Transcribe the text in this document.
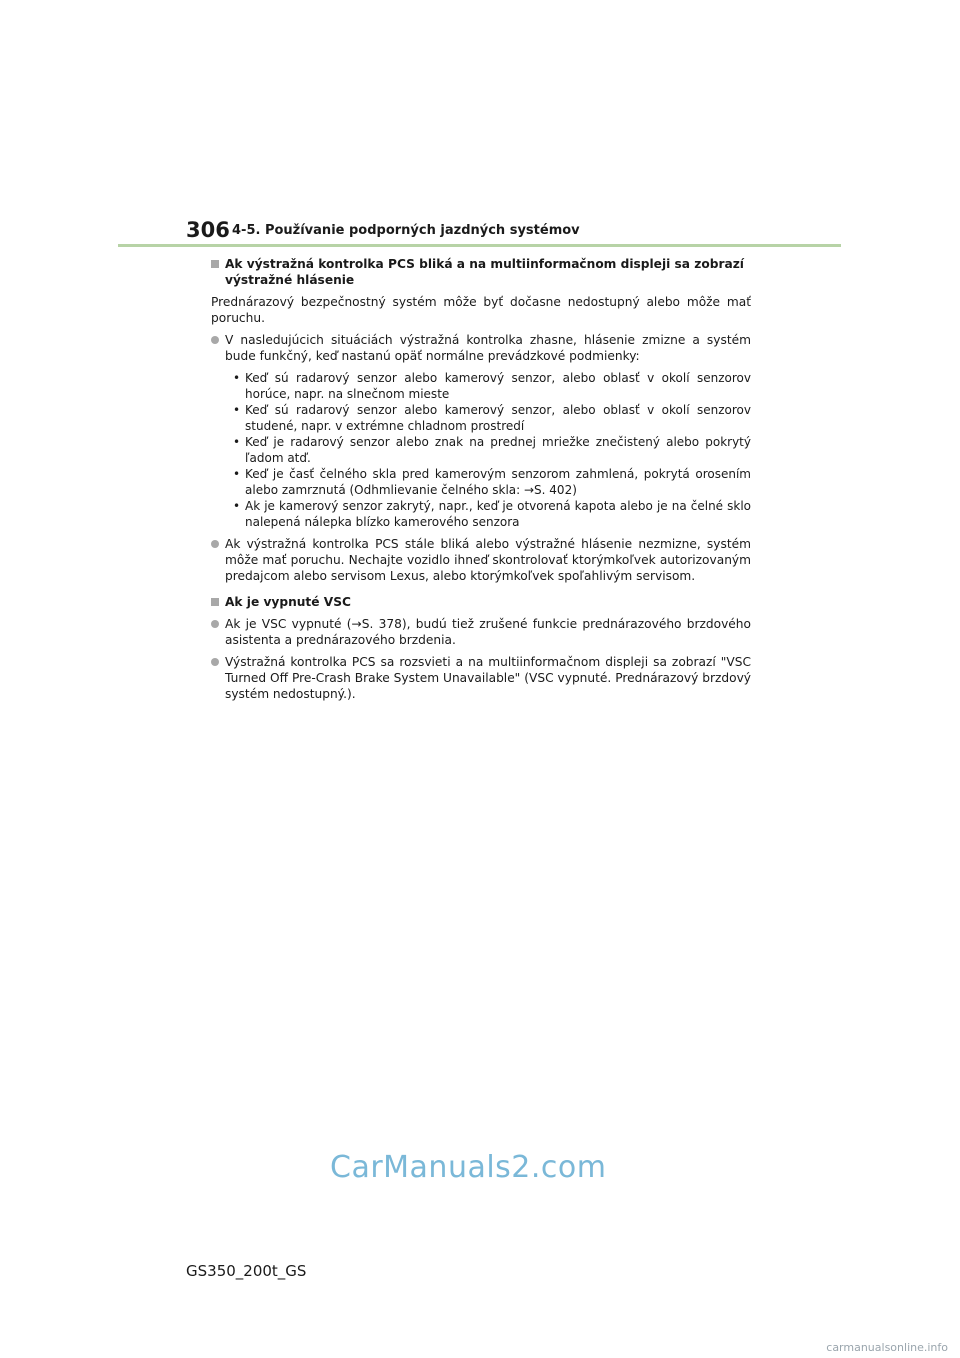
306 4-5. Používanie podporných jazdných systémov
Ak výstražná kontrolka PCS bliká a na multiinformačnom displeji sa zobrazí výstražné hlásenie

Prednárazový bezpečnostný systém môže byť dočasne nedostupný alebo môže mať poruchu.

V nasledujúcich situáciách výstražná kontrolka zhasne, hlásenie zmizne a systém bude funkčný, keď nastanú opäť normálne prevádzkové podmienky:
• Keď sú radarový senzor alebo kamerový senzor, alebo oblasť v okolí senzorov horúce, napr. na slnečnom mieste
• Keď sú radarový senzor alebo kamerový senzor, alebo oblasť v okolí senzorov studené, napr. v extrémne chladnom prostredí
• Keď je radarový senzor alebo znak na prednej mriežke znečistený alebo pokrytý ľadom atď.
• Keď je časť čelného skla pred kamerovým senzorom zahmlená, pokrytá orosením alebo zamrznutá (Odhmlievanie čelného skla: →S. 402)
• Ak je kamerový senzor zakrytý, napr., keď je otvorená kapota alebo je na čelné sklo nalepená nálepka blízko kamerového senzora
Ak výstražná kontrolka PCS stále bliká alebo výstražné hlásenie nezmizne, systém môže mať poruchu. Nechajte vozidlo ihneď skontrolovať ktorýmkoľvek autorizovaným predajcom alebo servisom Lexus, alebo ktorýmkoľvek spoľahlivým servisom.
Ak je vypnuté VSC
Ak je VSC vypnuté (→S. 378), budú tiež zrušené funkcie prednárazového brzdového asistenta a prednárazového brzdenia.
Výstražná kontrolka PCS sa rozsvieti a na multiinformačnom displeji sa zobrazí "VSC Turned Off Pre-Crash Brake System Unavailable" (VSC vypnuté. Prednárazový brzdový systém nedostupný.).
CarManuals2.com
GS350_200t_GS
carmanualsonline.info
